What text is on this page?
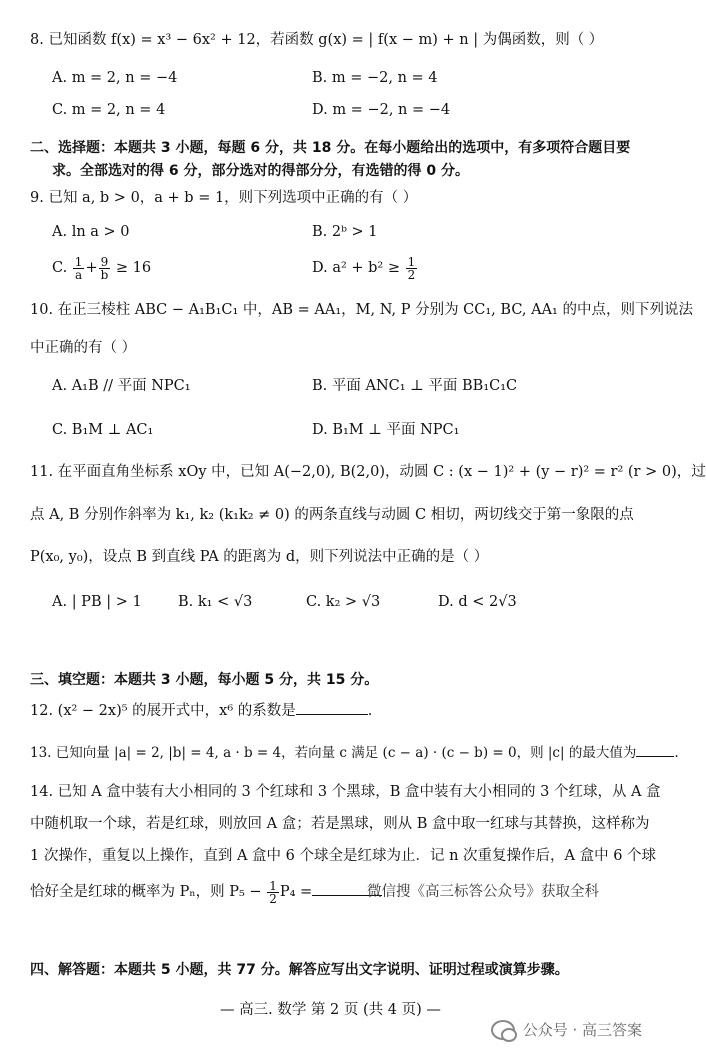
8. 已知函数 f(x) = x³ − 6x² + 12，若函数 g(x) = | f(x − m) + n | 为偶函数，则（ ）
A. m = 2, n = −4	B. m = −2, n = 4
C. m = 2, n = 4	D. m = −2, n = −4
二、选择题：本题共 3 小题，每题 6 分，共 18 分。在每小题给出的选项中，有多项符合题目要
求。全部选对的得 6 分，部分选对的得部分分，有选错的得 0 分。
9. 已知 a, b > 0，a + b = 1，则下列选项中正确的有（ ）
A. ln a > 0	B. 2ᵇ > 1
C. $\frac{1}{a} + \frac{9}{b} \ge 16$	D. $a^2 + b^2 \ge \frac{1}{2}$
10. 在正三棱柱 ABC − A₁B₁C₁ 中，AB = AA₁，M, N, P 分别为 CC₁, BC, AA₁ 的中点，则下列说法
中正确的有（ ）
A. A₁B // 平面 NPC₁	B. 平面 ANC₁ ⊥ 平面 BB₁C₁C
C. B₁M ⊥ AC₁	D. B₁M ⊥ 平面 NPC₁
11. 在平面直角坐标系 xOy 中，已知 A(−2,0), B(2,0)，动圆 C : (x − 1)² + (y − r)² = r² (r > 0)，过
点 A, B 分别作斜率为 k₁, k₂ (k₁k₂ ≠ 0) 的两条直线与动圆 C 相切，两切线交于第一象限的点
P(x₀, y₀)，设点 B 到直线 PA 的距离为 d，则下列说法中正确的是（ ）
A. | PB | > 1	B. k₁ < √3	C. k₂ > √3	D. d < 2√3
三、填空题：本题共 3 小题，每小题 5 分，共 15 分。
12. (x² − 2x)⁵ 的展开式中，x⁶ 的系数是	.
13. 已知向量 |a| = 2, |b| = 4, a · b = 4，若向量 c 满足 (c − a) · (c − b) = 0，则 |c| 的最大值为	.
14. 已知 A 盒中装有大小相同的 3 个红球和 3 个黑球，B 盒中装有大小相同的 3 个红球，从 A 盒
中随机取一个球，若是红球，则放回 A 盒；若是黑球，则从 B 盒中取一红球与其替换，这样称为
1 次操作，重复以上操作，直到 A 盒中 6 个球全是红球为止．记 n 次重复操作后，A 盒中 6 个球
恰好全是红球的概率为 Pₙ，则 $P_5 - \frac{1}{2} P_4$ =	微信搜《高三标答公众号》获取全科
四、解答题：本题共 5 小题，共 77 分。解答应写出文字说明、证明过程或演算步骤。
— 高三. 数学 第 2 页 (共 4 页) —
公众号 · 高三答案
